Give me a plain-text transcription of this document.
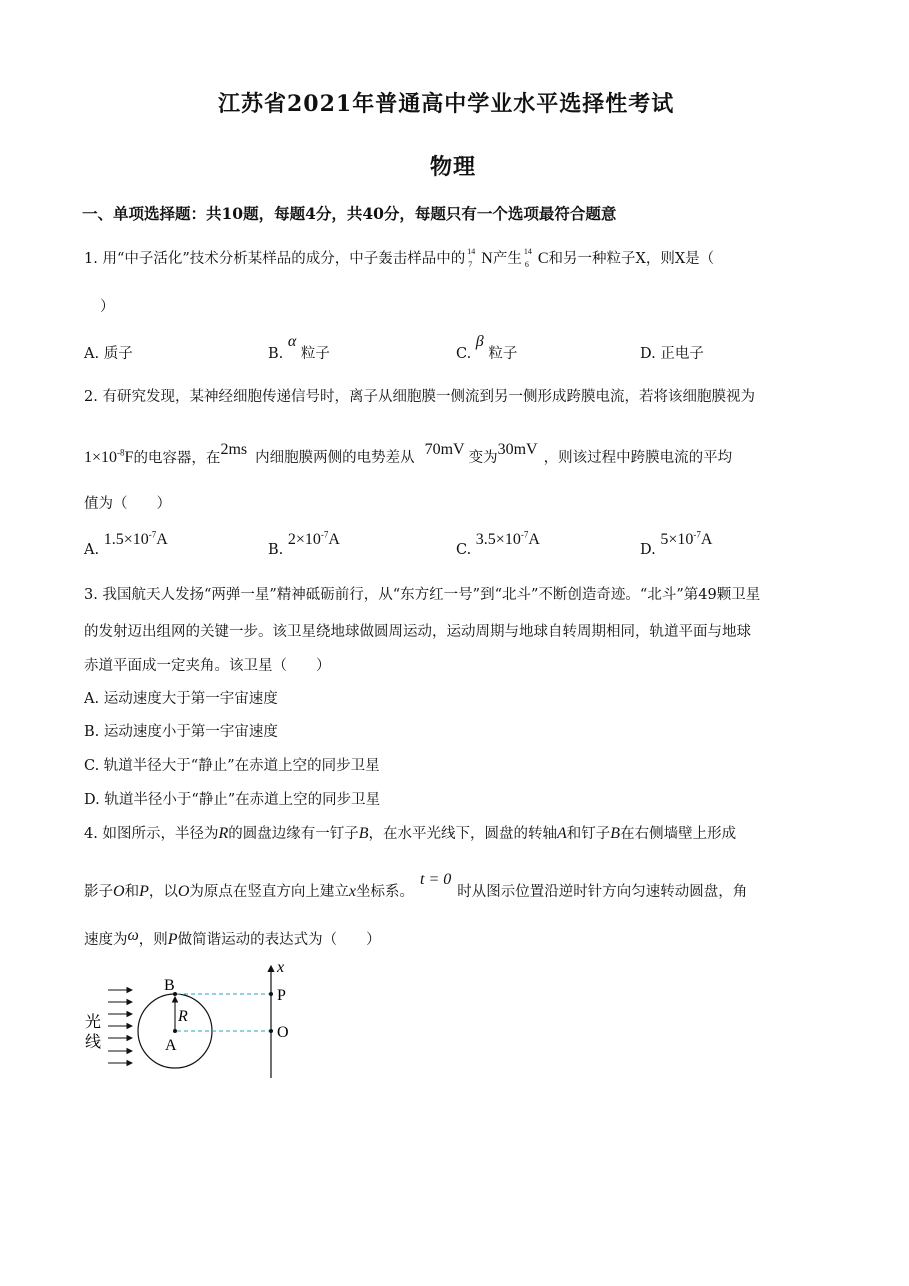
江苏省2021年普通高中学业水平选择性考试
物理
一、单项选择题：共10题，每题4分，共40分，每题只有一个选项最符合题意
1. 用“中子活化”技术分析某样品的成分，中子轰击样品中的 14
7 N产生 14
6 C和另一种粒子X，则X是（
）
A. 质子	B. α 粒子	C. β 粒子	D. 正电子
2. 有研究发现，某神经细胞传递信号时，离子从细胞膜一侧流到另一侧形成跨膜电流，若将该细胞膜视为
$1\times 10^{-8}F$的电容器，在2ms 内细胞膜两侧的电势差从 70mV 变为30mV ，则该过程中跨膜电流的平均
值为（　　）
A. $1.5\times 10^{-7}A$
B. $2\times 10^{-7}A$
C. $3.5\times 10^{-7}A$
D. $5\times 10^{-7}A$
3. 我国航天人发扬“两弹一星”精神砥砺前行，从“东方红一号”到“北斗”不断创造奇迹。“北斗”第49颗卫星
的发射迈出组网的关键一步。该卫星绕地球做圆周运动，运动周期与地球自转周期相同，轨道平面与地球
赤道平面成一定夹角。该卫星（　　）
A. 运动速度大于第一宇宙速度
B. 运动速度小于第一宇宙速度
C. 轨道半径大于“静止”在赤道上空的同步卫星
D. 轨道半径小于“静止”在赤道上空的同步卫星
4. 如图所示，半径为R的圆盘边缘有一钉子B，在水平光线下，圆盘的转轴A和钉子B在右侧墙壁上形成
影子O和P，以O为原点在竖直方向上建立x坐标系。t = 0时从图示位置沿逆时针方向匀速转动圆盘，角
速度为ω，则P做简谐运动的表达式为（　　）
光
线
B
A
R
P
O
x
